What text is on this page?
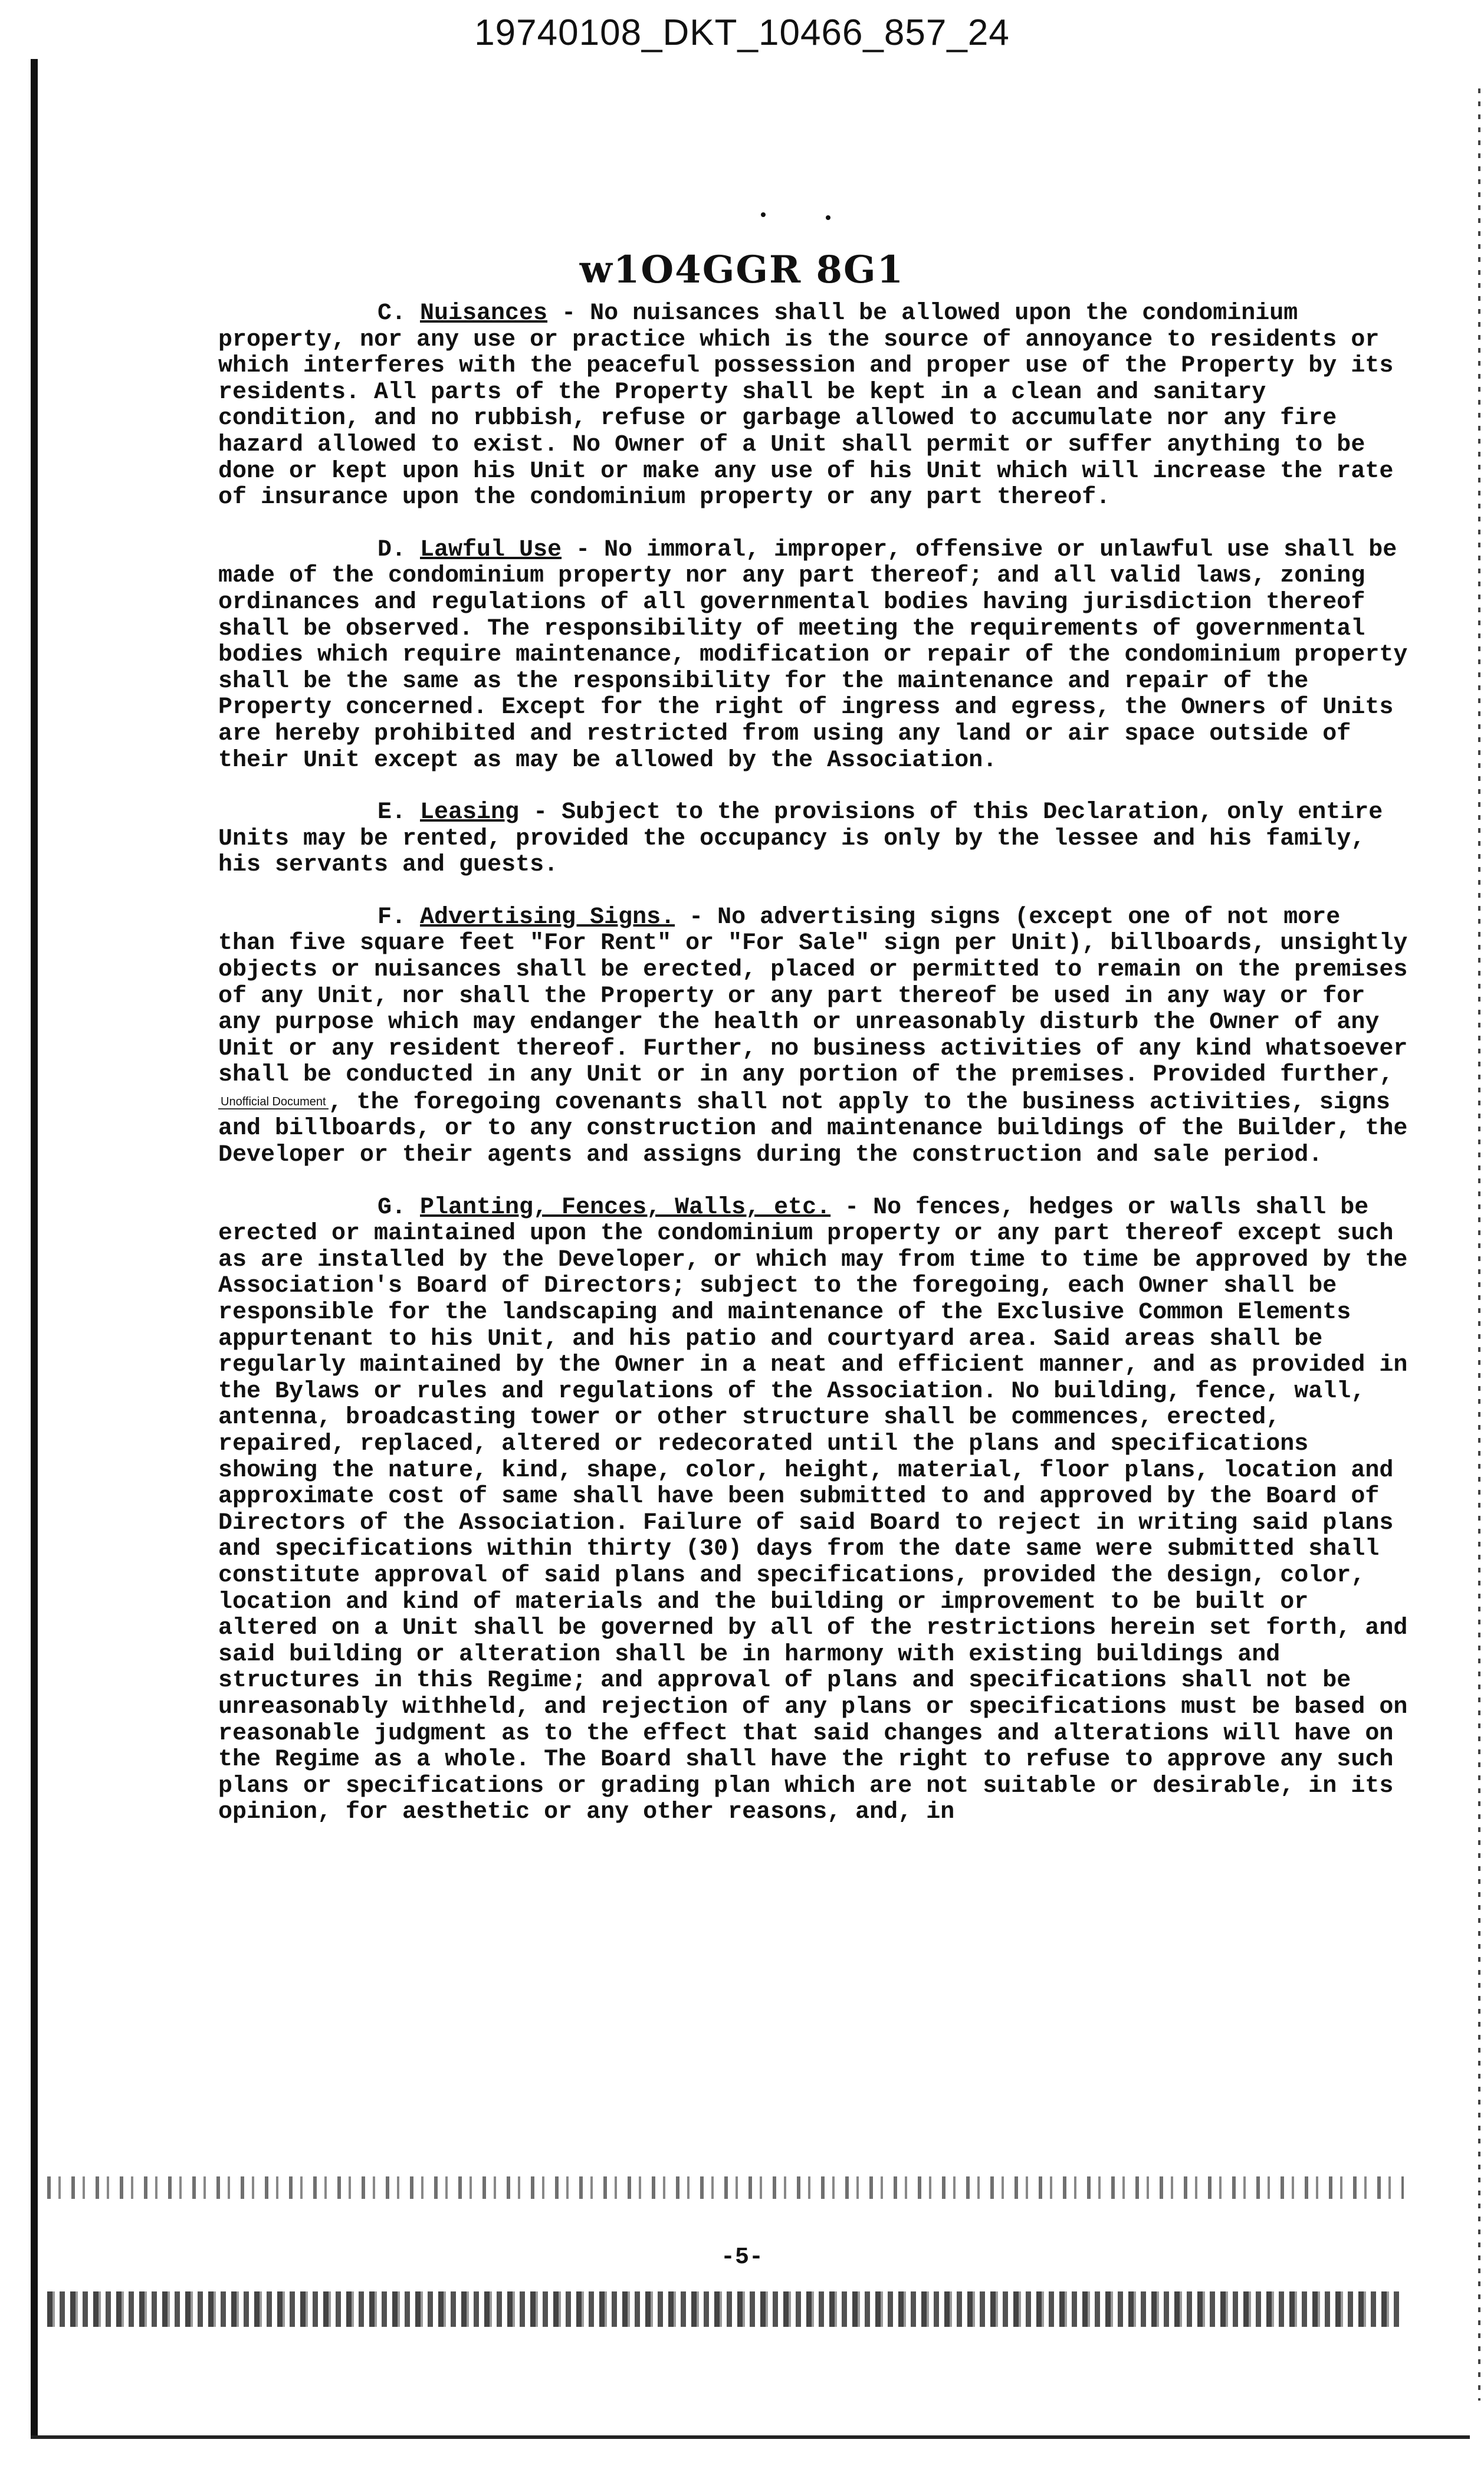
19740108_DKT_10466_857_24
w1O4GGR 8G1
C. Nuisances - No nuisances shall be allowed upon the condominium property, nor any use or practice which is the source of annoyance to residents or which interferes with the peaceful possession and proper use of the Property by its residents. All parts of the Property shall be kept in a clean and sanitary condition, and no rubbish, refuse or garbage allowed to accumulate nor any fire hazard allowed to exist. No Owner of a Unit shall permit or suffer anything to be done or kept upon his Unit or make any use of his Unit which will increase the rate of insurance upon the condominium property or any part thereof.
D. Lawful Use - No immoral, improper, offensive or unlawful use shall be made of the condominium property nor any part thereof; and all valid laws, zoning ordinances and regulations of all governmental bodies having jurisdiction thereof shall be observed. The responsibility of meeting the requirements of governmental bodies which require maintenance, modification or repair of the condominium property shall be the same as the responsibility for the maintenance and repair of the Property concerned. Except for the right of ingress and egress, the Owners of Units are hereby prohibited and restricted from using any land or air space outside of their Unit except as may be allowed by the Association.
E. Leasing - Subject to the provisions of this Declaration, only entire Units may be rented, provided the occupancy is only by the lessee and his family, his servants and guests.
F. Advertising Signs. - No advertising signs (except one of not more than five square feet "For Rent" or "For Sale" sign per Unit), billboards, unsightly objects or nuisances shall be erected, placed or permitted to remain on the premises of any Unit, nor shall the Property or any part thereof be used in any way or for any purpose which may endanger the health or unreasonably disturb the Owner of any Unit or any resident thereof. Further, no business activities of any kind whatsoever shall be conducted in any Unit or in any portion of the premises. Provided further, Unofficial Document , the foregoing covenants shall not apply to the business activities, signs and billboards, or to any construction and maintenance buildings of the Builder, the Developer or their agents and assigns during the construction and sale period.
G. Planting, Fences, Walls, etc. - No fences, hedges or walls shall be erected or maintained upon the condominium property or any part thereof except such as are installed by the Developer, or which may from time to time be approved by the Association's Board of Directors; subject to the foregoing, each Owner shall be responsible for the landscaping and maintenance of the Exclusive Common Elements appurtenant to his Unit, and his patio and courtyard area. Said areas shall be regularly maintained by the Owner in a neat and efficient manner, and as provided in the Bylaws or rules and regulations of the Association. No building, fence, wall, antenna, broadcasting tower or other structure shall be commences, erected, repaired, replaced, altered or redecorated until the plans and specifications showing the nature, kind, shape, color, height, material, floor plans, location and approximate cost of same shall have been submitted to and approved by the Board of Directors of the Association. Failure of said Board to reject in writing said plans and specifications within thirty (30) days from the date same were submitted shall constitute approval of said plans and specifications, provided the design, color, location and kind of materials and the building or improvement to be built or altered on a Unit shall be governed by all of the restrictions herein set forth, and said building or alteration shall be in harmony with existing buildings and structures in this Regime; and approval of plans and specifications shall not be unreasonably withheld, and rejection of any plans or specifications must be based on reasonable judgment as to the effect that said changes and alterations will have on the Regime as a whole. The Board shall have the right to refuse to approve any such plans or specifications or grading plan which are not suitable or desirable, in its opinion, for aesthetic or any other reasons, and, in
-5-
